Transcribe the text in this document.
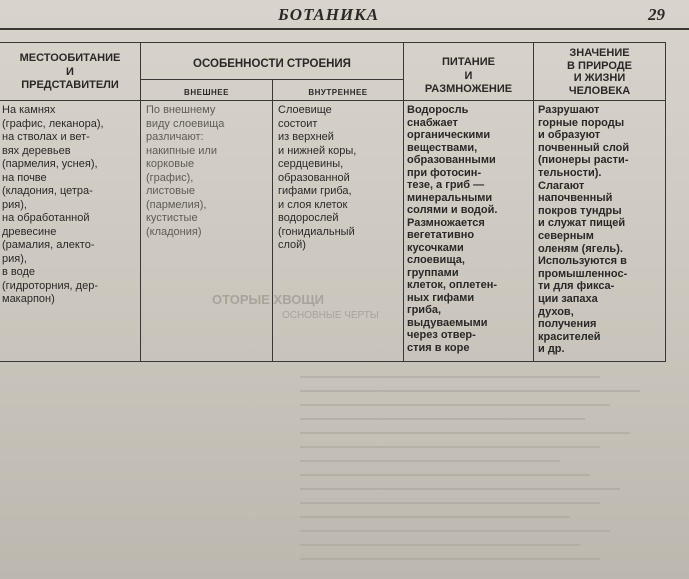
БОТАНИКА	29
МЕСТООБИТАНИЕ
И
ПРЕДСТАВИТЕЛИ
ОСОБЕННОСТИ СТРОЕНИЯ
ВНЕШНЕЕ	ВНУТРЕННЕЕ
ПИТАНИЕ
И
РАЗМНОЖЕНИЕ
ЗНАЧЕНИЕ
В ПРИРОДЕ
И ЖИЗНИ
ЧЕЛОВЕКА
На камнях
(графис, леканора),
на стволах и вет-
вях деревьев
(пармелия, уснея),
на почве
(кладония, цетра-
рия),
на обработанной
древесине
(рамалия, алекто-
рия),
в воде
(гидроторния, дер-
макарпон)
По внешнему
виду слоевища
различают:
накипные или
корковые
(графис),
листовые
(пармелия),
кустистые
(кладония)
Слоевище
состоит
из верхней
и нижней коры,
сердцевины,
образованной
гифами гриба,
и слоя клеток
водорослей
(гонидиальный
слой)
Водоросль
снабжает
органическими
веществами,
образованными
при фотосин-
тезе, а гриб —
минеральными
солями и водой.
Размножается
вегетативно
кусочками
слоевища,
группами
клеток, оплетен-
ных гифами
гриба,
выдуваемыми
через отвер-
стия в коре
Разрушают
горные породы
и образуют
почвенный слой
(пионеры расти-
тельности).
Слагают
напочвенный
покров тундры
и служат пищей
северным
оленям (ягель).
Используются в
промышленнос-
ти для фиксa-
ции запаха
духов,
получения
красителей
и др.
ОТОРЫЕ ХВОЩИ
ОСНОВНЫЕ ЧЕРТЫ
